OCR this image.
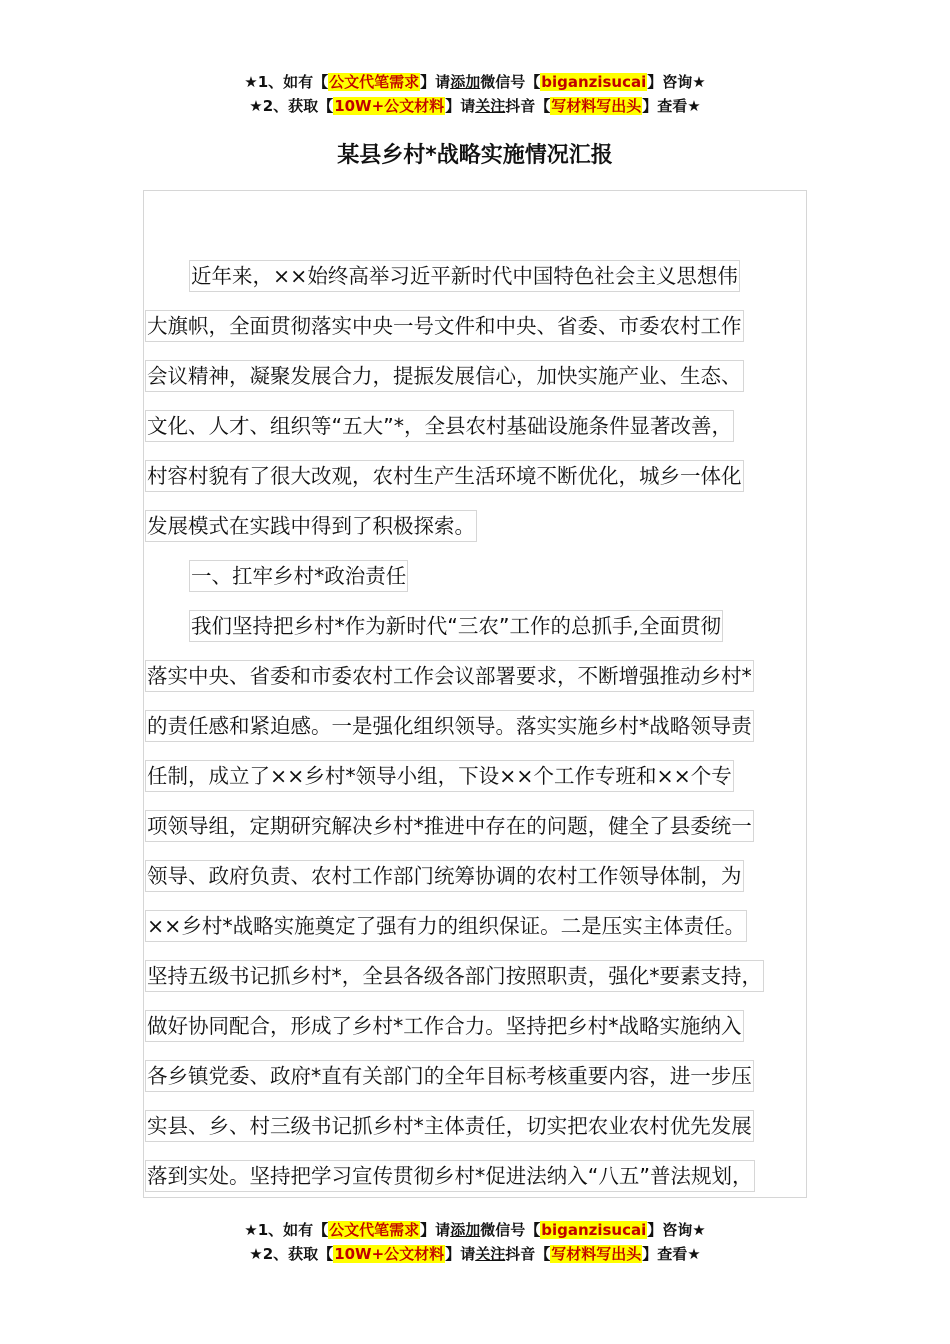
★1、如有【公文代笔需求】请添加微信号【biganzisucai】咨询★
★2、获取【10W+公文材料】请关注抖音【写材料写出头】查看★
某县乡村*战略实施情况汇报
近年来，××始终高举习近平新时代中国特色社会主义思想伟
大旗帜，全面贯彻落实中央一号文件和中央、省委、市委农村工作
会议精神，凝聚发展合力，提振发展信心，加快实施产业、生态、
文化、人才、组织等“五大”*，全县农村基础设施条件显著改善，
村容村貌有了很大改观，农村生产生活环境不断优化，城乡一体化
发展模式在实践中得到了积极探索。
一、扛牢乡村*政治责任
我们坚持把乡村*作为新时代“三农”工作的总抓手,全面贯彻
落实中央、省委和市委农村工作会议部署要求，不断增强推动乡村*
的责任感和紧迫感。一是强化组织领导。落实实施乡村*战略领导责
任制，成立了××乡村*领导小组，下设××个工作专班和××个专
项领导组，定期研究解决乡村*推进中存在的问题，健全了县委统一
领导、政府负责、农村工作部门统筹协调的农村工作领导体制，为
××乡村*战略实施奠定了强有力的组织保证。二是压实主体责任。
坚持五级书记抓乡村*，全县各级各部门按照职责，强化*要素支持，
做好协同配合，形成了乡村*工作合力。坚持把乡村*战略实施纳入
各乡镇党委、政府*直有关部门的全年目标考核重要内容，进一步压
实县、乡、村三级书记抓乡村*主体责任，切实把农业农村优先发展
落到实处。坚持把学习宣传贯彻乡村*促进法纳入“八五”普法规划，
★1、如有【公文代笔需求】请添加微信号【biganzisucai】咨询★
★2、获取【10W+公文材料】请关注抖音【写材料写出头】查看★
